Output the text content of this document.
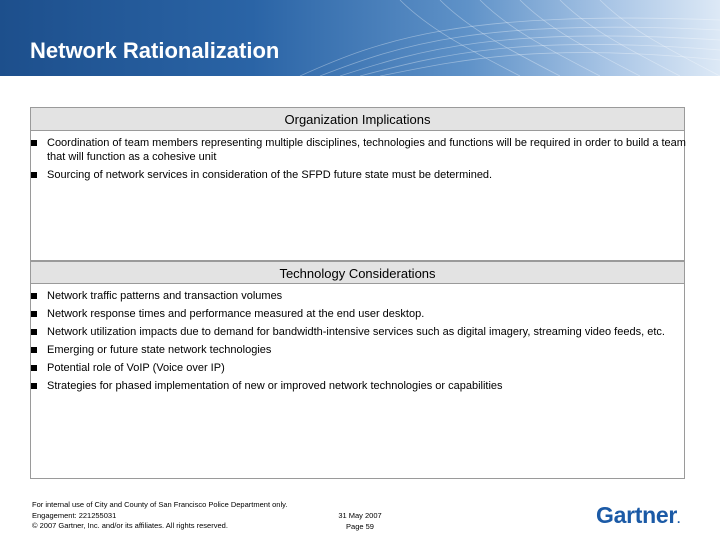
Network Rationalization
Organization Implications
Coordination of team members representing multiple disciplines, technologies and functions will be required in order to build a team that will function as a cohesive unit
Sourcing of network services in consideration of the SFPD future state must be determined.
Technology Considerations
Network traffic patterns and transaction volumes
Network response times and performance measured at the end user desktop.
Network utilization impacts due to demand for bandwidth-intensive services such as digital imagery, streaming video feeds, etc.
Emerging or future state network technologies
Potential role of VoIP (Voice over IP)
Strategies for phased implementation of new or improved network technologies or capabilities
For internal use of City and County of San Francisco Police Department only.
Engagement: 221255031
© 2007 Gartner, Inc. and/or its affiliates. All rights reserved.
31 May 2007
Page 59	Gartner.
